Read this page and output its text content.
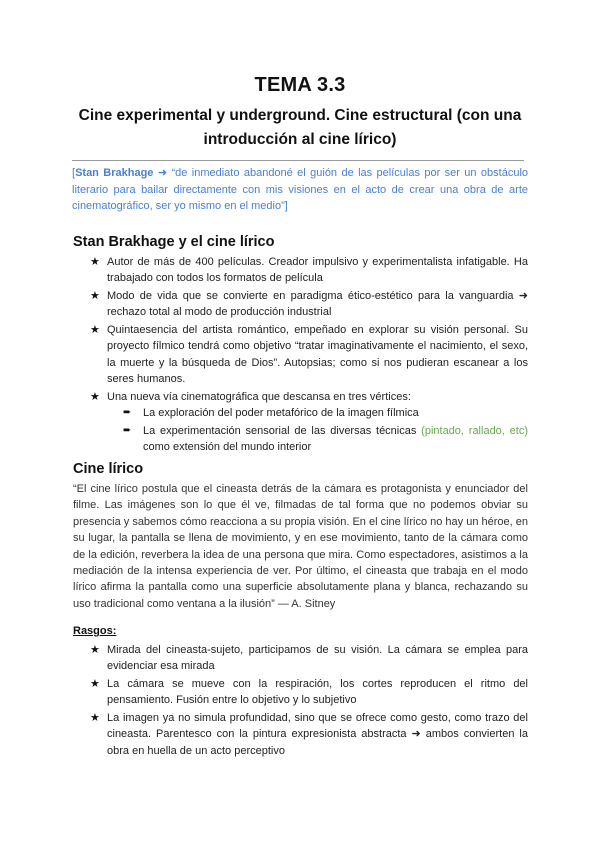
TEMA 3.3
Cine experimental y underground. Cine estructural (con una introducción al cine lírico)
[Stan Brakhage ➜ “de inmediato abandoné el guión de las películas por ser un obstáculo literario para bailar directamente con mis visiones en el acto de crear una obra de arte cinematográfico, ser yo mismo en el medio”]
Stan Brakhage y el cine lírico
★ Autor de más de 400 películas. Creador impulsivo y experimentalista infatigable. Ha trabajado con todos los formatos de película
★ Modo de vida que se convierte en paradigma ético-estético para la vanguardia ➜ rechazo total al modo de producción industrial
★ Quintaesencia del artista romántico, empeñado en explorar su visión personal. Su proyecto fílmico tendrá como objetivo “tratar imaginativamente el nacimiento, el sexo, la muerte y la búsqueda de Dios”. Autopsias; como si nos pudieran escanear a los seres humanos.
★ Una nueva vía cinematográfica que descansa en tres vértices:
➨ La exploración del poder metafórico de la imagen fílmica
➨ La experimentación sensorial de las diversas técnicas (pintado, rallado, etc) como extensión del mundo interior
Cine lírico
“El cine lírico postula que el cineasta detrás de la cámara es protagonista y enunciador del filme. Las imágenes son lo que él ve, filmadas de tal forma que no podemos obviar su presencia y sabemos cómo reacciona a su propia visión. En el cine lírico no hay un héroe, en su lugar, la pantalla se llena de movimiento, y en ese movimiento, tanto de la cámara como de la edición, reverbera la idea de una persona que mira. Como espectadores, asistimos a la mediación de la intensa experiencia de ver. Por último, el cineasta que trabaja en el modo lírico afirma la pantalla como una superficie absolutamente plana y blanca, rechazando su uso tradicional como ventana a la ilusión” — A. Sitney
Rasgos:
★ Mirada del cineasta-sujeto, participamos de su visión. La cámara se emplea para evidenciar esa mirada
★ La cámara se mueve con la respiración, los cortes reproducen el ritmo del pensamiento. Fusión entre lo objetivo y lo subjetivo
★ La imagen ya no simula profundidad, sino que se ofrece como gesto, como trazo del cineasta. Parentesco con la pintura expresionista abstracta ➜ ambos convierten la obra en huella de un acto perceptivo
